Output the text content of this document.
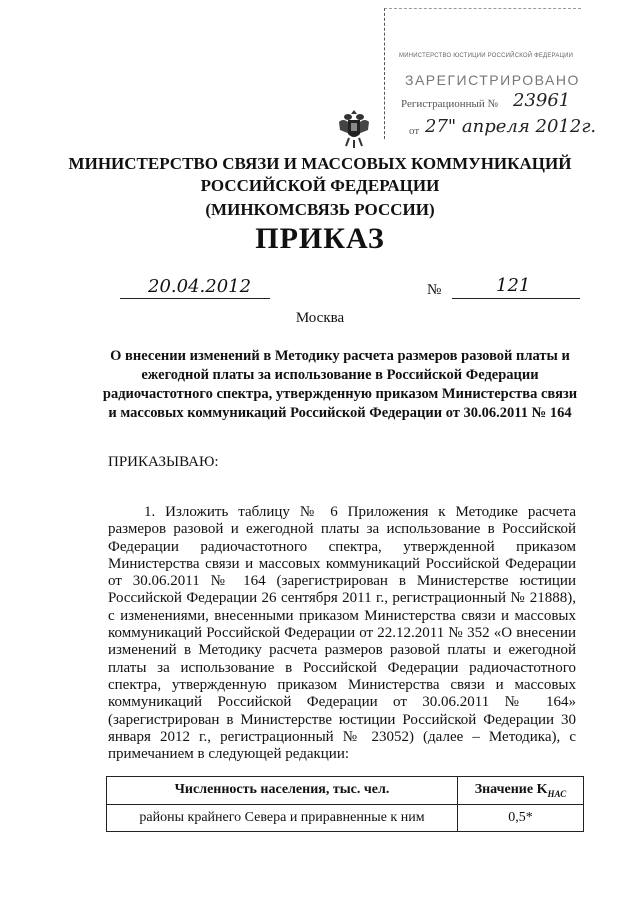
МИНИСТЕРСТВО ЮСТИЦИИ РОССИЙСКОЙ ФЕДЕРАЦИИ
ЗАРЕГИСТРИРОВАНО
Регистрационный № 23961
от 27" апреля 2012г.
МИНИСТЕРСТВО СВЯЗИ И МАССОВЫХ КОММУНИКАЦИЙ
РОССИЙСКОЙ ФЕДЕРАЦИИ
(МИНКОМСВЯЗЬ РОССИИ)
ПРИКАЗ
20.04.2012	№	121
Москва
О внесении изменений в Методику расчета размеров разовой платы и ежегодной платы за использование в Российской Федерации радиочастотного спектра, утвержденную приказом Министерства связи и массовых коммуникаций Российской Федерации от 30.06.2011 № 164
ПРИКАЗЫВАЮ:
1. Изложить таблицу № 6 Приложения к Методике расчета размеров разовой и ежегодной платы за использование в Российской Федерации радиочастотного спектра, утвержденной приказом Министерства связи и массовых коммуникаций Российской Федерации от 30.06.2011 № 164 (зарегистрирован в Министерстве юстиции Российской Федерации 26 сентября 2011 г., регистрационный № 21888), с изменениями, внесенными приказом Министерства связи и массовых коммуникаций Российской Федерации от 22.12.2011 № 352 «О внесении изменений в Методику расчета размеров разовой платы и ежегодной платы за использование в Российской Федерации радиочастотного спектра, утвержденную приказом Министерства связи и массовых коммуникаций Российской Федерации от 30.06.2011 № 164» (зарегистрирован в Министерстве юстиции Российской Федерации 30 января 2012 г., регистрационный № 23052) (далее – Методика), с примечанием в следующей редакции:
Численность населения, тыс. чел.	Значение $K_{НАС}$
районы крайнего Севера и приравненные к ним	0,5*
